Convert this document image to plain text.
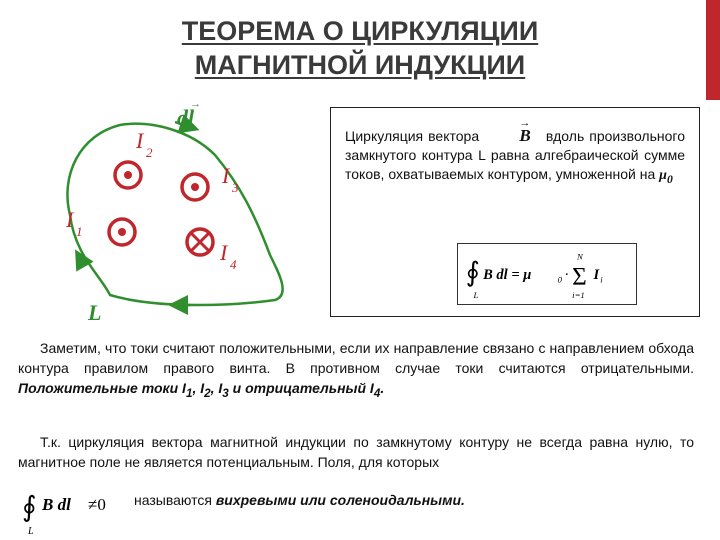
ТЕОРЕМА О ЦИРКУЛЯЦИИ
МАГНИТНОЙ ИНДУКЦИИ
dl
→
L
I 2
I 3
I 1
I 4
Циркуляция вектора        → B вдоль произвольного замкнутого контура L равна алгебраической сумме токов, охватываемых контуром, умноженной на $\mu_0$
∮
L
B dl = μ	0 · Σ
N
i=1
I i
Заметим, что токи считают положительными, если их направление связано с направлением обхода контура правилом правого винта. В противном случае токи считаются отрицательными. Положительные токи $I_1$, $I_2$, $I_3$ и отрицательный $I_4$.
Т.к. циркуляция вектора магнитной индукции по замкнутому контуру не всегда равна нулю, то магнитное поле не является потенциальным. Поля, для которых
∮
L
B dl ≠0 называются вихревыми или соленоидальными.
